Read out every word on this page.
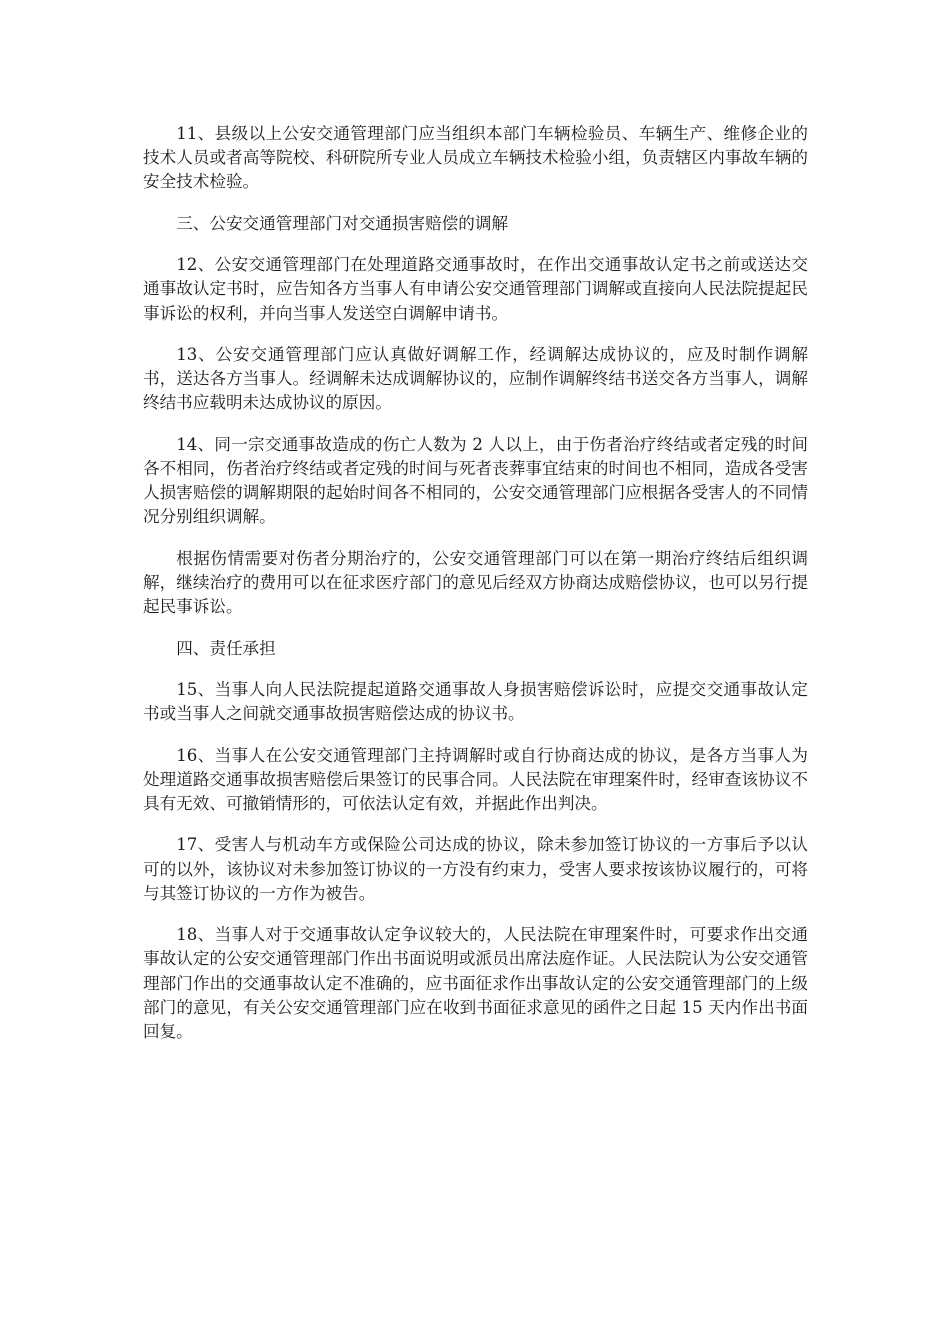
11、县级以上公安交通管理部门应当组织本部门车辆检验员、车辆生产、维修企业的技术人员或者高等院校、科研院所专业人员成立车辆技术检验小组，负责辖区内事故车辆的安全技术检验。

三、公安交通管理部门对交通损害赔偿的调解

12、公安交通管理部门在处理道路交通事故时，在作出交通事故认定书之前或送达交通事故认定书时，应告知各方当事人有申请公安交通管理部门调解或直接向人民法院提起民事诉讼的权利，并向当事人发送空白调解申请书。

13、公安交通管理部门应认真做好调解工作，经调解达成协议的，应及时制作调解书，送达各方当事人。经调解未达成调解协议的，应制作调解终结书送交各方当事人，调解终结书应载明未达成协议的原因。

14、同一宗交通事故造成的伤亡人数为 2 人以上，由于伤者治疗终结或者定残的时间各不相同，伤者治疗终结或者定残的时间与死者丧葬事宜结束的时间也不相同，造成各受害人损害赔偿的调解期限的起始时间各不相同的，公安交通管理部门应根据各受害人的不同情况分别组织调解。

根据伤情需要对伤者分期治疗的，公安交通管理部门可以在第一期治疗终结后组织调解，继续治疗的费用可以在征求医疗部门的意见后经双方协商达成赔偿协议，也可以另行提起民事诉讼。

四、责任承担

15、当事人向人民法院提起道路交通事故人身损害赔偿诉讼时，应提交交通事故认定书或当事人之间就交通事故损害赔偿达成的协议书。

16、当事人在公安交通管理部门主持调解时或自行协商达成的协议，是各方当事人为处理道路交通事故损害赔偿后果签订的民事合同。人民法院在审理案件时，经审查该协议不具有无效、可撤销情形的，可依法认定有效，并据此作出判决。

17、受害人与机动车方或保险公司达成的协议，除未参加签订协议的一方事后予以认可的以外，该协议对未参加签订协议的一方没有约束力，受害人要求按该协议履行的，可将与其签订协议的一方作为被告。

18、当事人对于交通事故认定争议较大的，人民法院在审理案件时，可要求作出交通事故认定的公安交通管理部门作出书面说明或派员出席法庭作证。人民法院认为公安交通管理部门作出的交通事故认定不准确的，应书面征求作出事故认定的公安交通管理部门的上级部门的意见，有关公安交通管理部门应在收到书面征求意见的函件之日起 15 天内作出书面回复。
